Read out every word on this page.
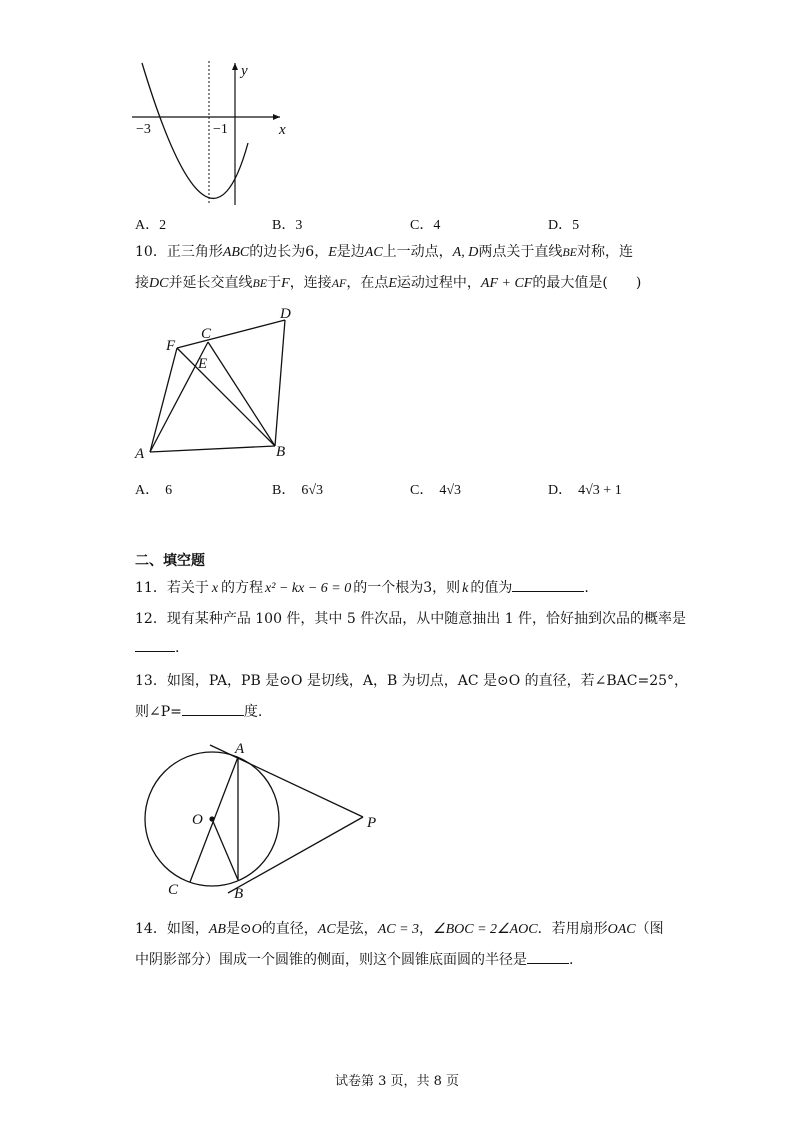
y
x
−3	−1
A．2	B．3	C．4	D．5
10．正三角形ABC的边长为6，E是边AC上一动点，A, D两点关于直线BE对称，连
接DC并延长交直线BE于F，连接AF，在点E运动过程中，AF + CF的最大值是(　　)
F
C
E
D
A	B
A． 6	B． 6√3	C． 4√3	D． 4√3 + 1
二、填空题
11．若关于 x 的方程 x² − kx − 6 = 0 的一个根为3，则 k 的值为	.
12．现有某种产品 100 件，其中 5 件次品，从中随意抽出 1 件，恰好抽到次品的概率是
.
13．如图，PA，PB 是⊙O 是切线，A，B 为切点，AC 是⊙O 的直径，若∠BAC=25°，
则∠P=	度.
A
O	P
C	B
14．如图，AB是⊙O的直径，AC是弦，AC = 3，∠BOC = 2∠AOC．若用扇形OAC（图
中阴影部分）围成一个圆锥的侧面，则这个圆锥底面圆的半径是	.
试卷第 3 页，共 8 页
